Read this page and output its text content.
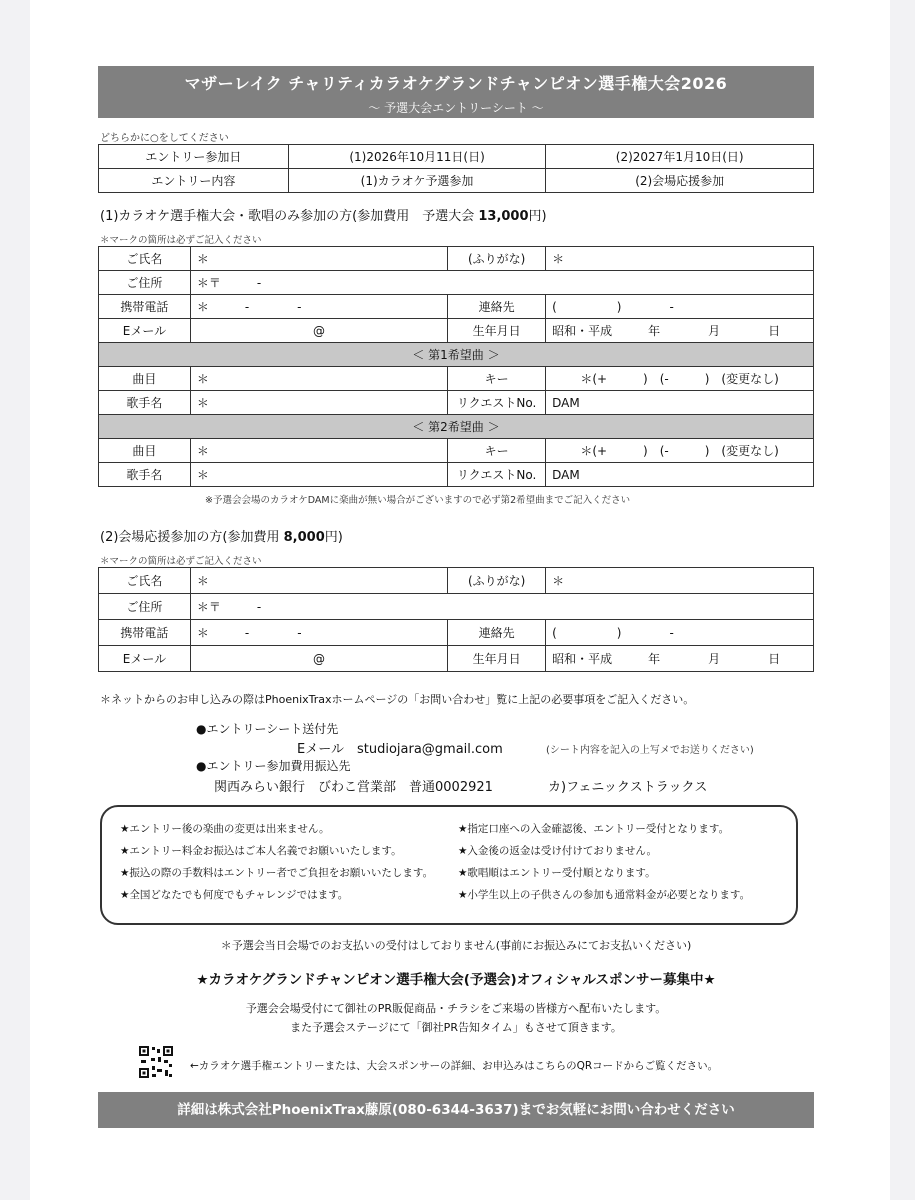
マザーレイク チャリティカラオケグランドチャンピオン選手権大会2026
～ 予選大会エントリーシート ～
どちらかに○をしてください
エントリー参加日	(1)2026年10月11日(日)	(2)2027年1月10日(日)
エントリー内容	(1)カラオケ予選参加	(2)会場応援参加
(1)カラオケ選手権大会・歌唱のみ参加の方(参加費用　予選大会 13,000円)
＊マークの箇所は必ずご記入ください
ご氏名	＊	(ふりがな)	＊
ご住所	＊〒　　　-		
携帯電話	＊　　　-　　　　-	連絡先	(　　　　　)　　　　-
Eメール	@	生年月日	昭和・平成　　　年　　　　月　　　　日
＜ 第1希望曲 ＞			
曲目	＊	キー	＊(+　　　)　(-　　　)　(変更なし)
歌手名	＊	リクエストNo.	DAM
＜ 第2希望曲 ＞			
曲目	＊	キー	＊(+　　　)　(-　　　)　(変更なし)
歌手名	＊	リクエストNo.	DAM
※予選会会場のカラオケDAMに楽曲が無い場合がございますので必ず第2希望曲までご記入ください
(2)会場応援参加の方(参加費用 8,000円)
＊マークの箇所は必ずご記入ください
ご氏名	＊	(ふりがな)	＊
ご住所	＊〒　　　-		
携帯電話	＊　　　-　　　　-	連絡先	(　　　　　)　　　　-
Eメール	@	生年月日	昭和・平成　　　年　　　　月　　　　日
＊ネットからのお申し込みの際はPhoenixTraxホームページの「お問い合わせ」覧に上記の必要事項をご記入ください。
●エントリーシート送付先
Eメール　 studiojara@gmail.com	(シート内容を記入の上写メでお送りください)
●エントリー参加費用振込先
関西みらい銀行　びわこ営業部　普通0002921	カ)フェニックストラックス
★エントリー後の楽曲の変更は出来ません。
★エントリー料金お振込はご本人名義でお願いいたします。
★振込の際の手数料はエントリー者でご負担をお願いいたします。
★全国どなたでも何度でもチャレンジではます。
★指定口座への入金確認後、エントリー受付となります。
★入金後の返金は受け付けておりません。
★歌唱順はエントリー受付順となります。
★小学生以上の子供さんの参加も通常料金が必要となります。
＊予選会当日会場でのお支払いの受付はしておりません(事前にお振込みにてお支払いください)
★カラオケグランドチャンピオン選手権大会(予選会)オフィシャルスポンサー募集中★
予選会会場受付にて御社のPR販促商品・チラシをご来場の皆様方へ配布いたします。
また予選会ステージにて「御社PR告知タイム」もさせて頂きます。
←カラオケ選手権エントリーまたは、大会スポンサーの詳細、お申込みはこちらのQRコードからご覧ください。
詳細は株式会社PhoenixTrax藤原(080-6344-3637)までお気軽にお問い合わせください
